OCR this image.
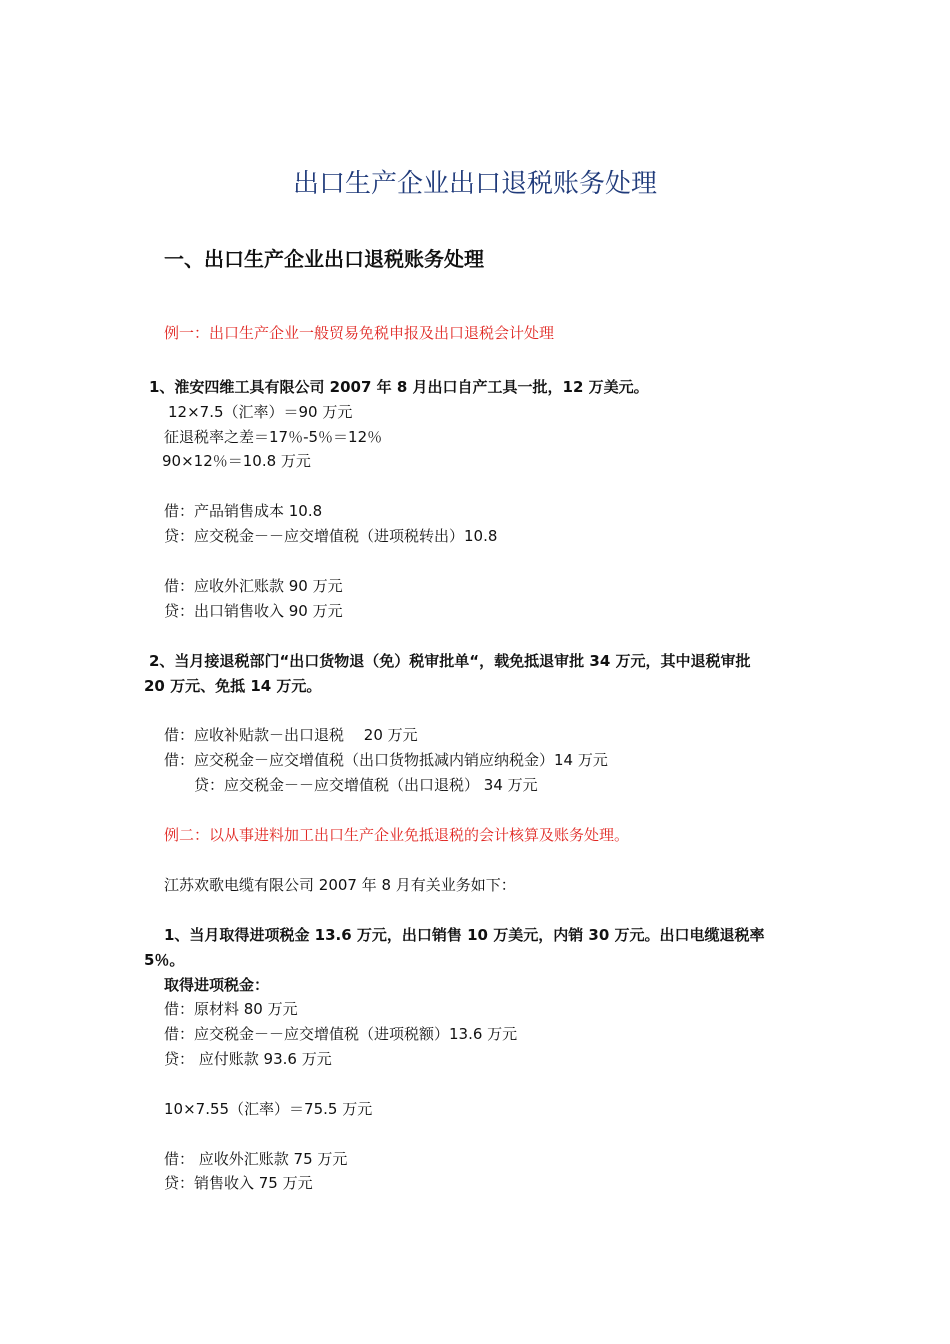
出口生产企业出口退税账务处理
一、出口生产企业出口退税账务处理
例一：出口生产企业一般贸易免税申报及出口退税会计处理
1、淮安四维工具有限公司 2007 年 8 月出口自产工具一批，12 万美元。
12×7.5（汇率）＝90 万元
征退税率之差＝17％-5％＝12％
90×12％＝10.8 万元
借：产品销售成本 10.8
贷：应交税金－－应交增值税（进项税转出）10.8
借：应收外汇账款 90 万元
贷：出口销售收入 90 万元
2、当月接退税部门“出口货物退（免）税审批单“，载免抵退审批 34 万元，其中退税审批
20 万元、免抵 14 万元。
借：应收补贴款－出口退税　 20 万元
借：应交税金－应交增值税（出口货物抵减内销应纳税金）14 万元
贷：应交税金－－应交增值税（出口退税） 34 万元
例二：以从事进料加工出口生产企业免抵退税的会计核算及账务处理。
江苏欢歌电缆有限公司 2007 年 8 月有关业务如下：
1、当月取得进项税金 13.6 万元，出口销售 10 万美元，内销 30 万元。出口电缆退税率
5％。
取得进项税金：
借：原材料 80 万元
借：应交税金－－应交增值税（进项税额）13.6 万元
贷： 应付账款 93.6 万元
10×7.55（汇率）＝75.5 万元
借： 应收外汇账款 75 万元
贷：销售收入 75 万元
